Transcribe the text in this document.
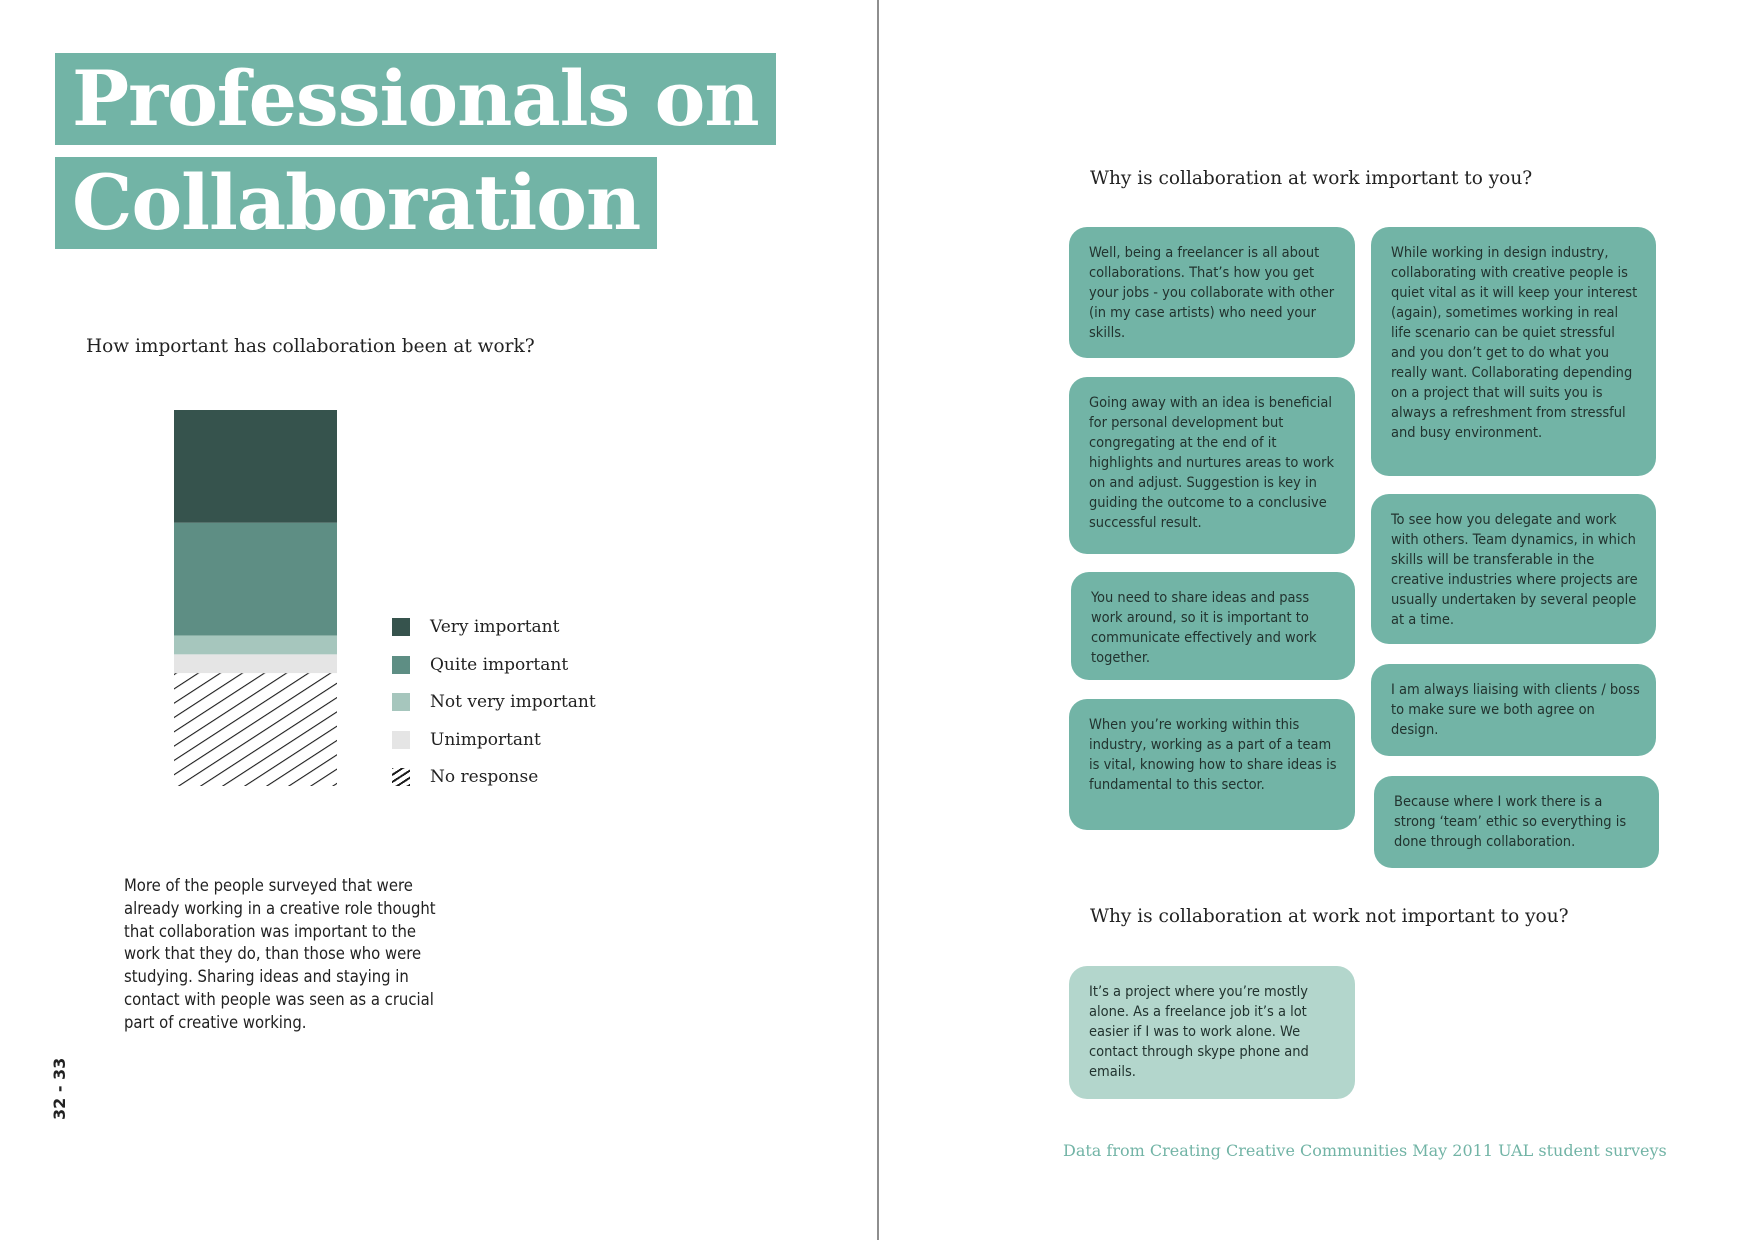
Professionals on
Collaboration
How important has collaboration been at work?
Very important
Quite important
Not very important
Unimportant
No response
More of the people surveyed that were already working in a creative role thought that collaboration was important to the work that they do, than those who were studying. Sharing ideas and staying in contact with people was seen as a crucial part of creative working.
32 - 33
Why is collaboration at work important to you?
Well, being a freelancer is all about collaborations. That’s how you get your jobs - you collaborate with other (in my case artists) who need your skills.
Going away with an idea is beneficial for personal development but congregating at the end of it highlights and nurtures areas to work on and adjust. Suggestion is key in guiding the outcome to a conclusive successful result.
You need to share ideas and pass work around, so it is important to communicate effectively and work together.
When you’re working within this industry, working as a part of a team is vital, knowing how to share ideas is fundamental to this sector.
While working in design industry, collaborating with creative people is quiet vital as it will keep your interest (again), sometimes working in real life scenario can be quiet stressful and you don’t get to do what you really want. Collaborating depending on a project that will suits you is always a refreshment from stressful and busy environment.
To see how you delegate and work with others. Team dynamics, in which skills will be transferable in the creative industries where projects are usually undertaken by several people at a time.
I am always liaising with clients / boss to make sure we both agree on design.
Because where I work there is a strong ‘team’ ethic so everything is done through collaboration.
Why is collaboration at work not important to you?
It’s a project where you’re mostly alone. As a freelance job it’s a lot easier if I was to work alone. We contact through skype phone and emails.
Data from Creating Creative Communities May 2011 UAL student surveys
